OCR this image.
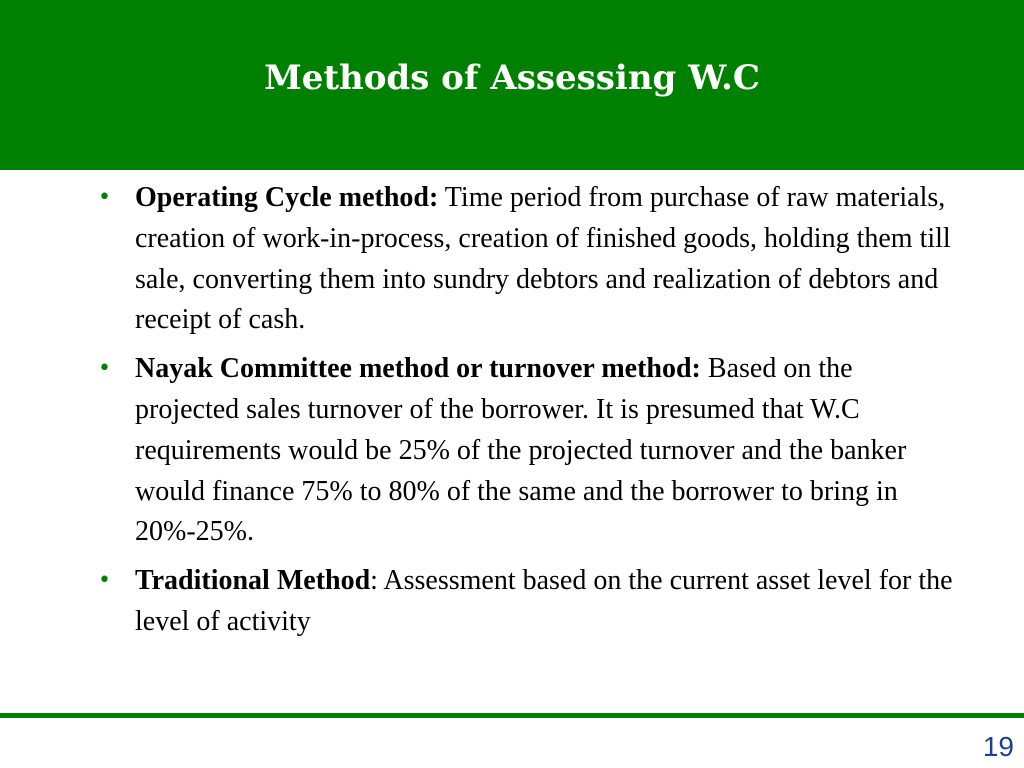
Methods of Assessing W.C
• Operating Cycle method: Time period from purchase of raw materials, creation of work-in-process, creation of finished goods, holding them till sale, converting them into sundry debtors and realization of debtors and receipt of cash.
• Nayak Committee method or turnover method: Based on the projected sales turnover of the borrower. It is presumed that W.C requirements would be 25% of the projected turnover and the banker would finance 75% to 80% of the same and the borrower to bring in 20%-25%.
• Traditional Method: Assessment based on the current asset level for the level of activity
19
